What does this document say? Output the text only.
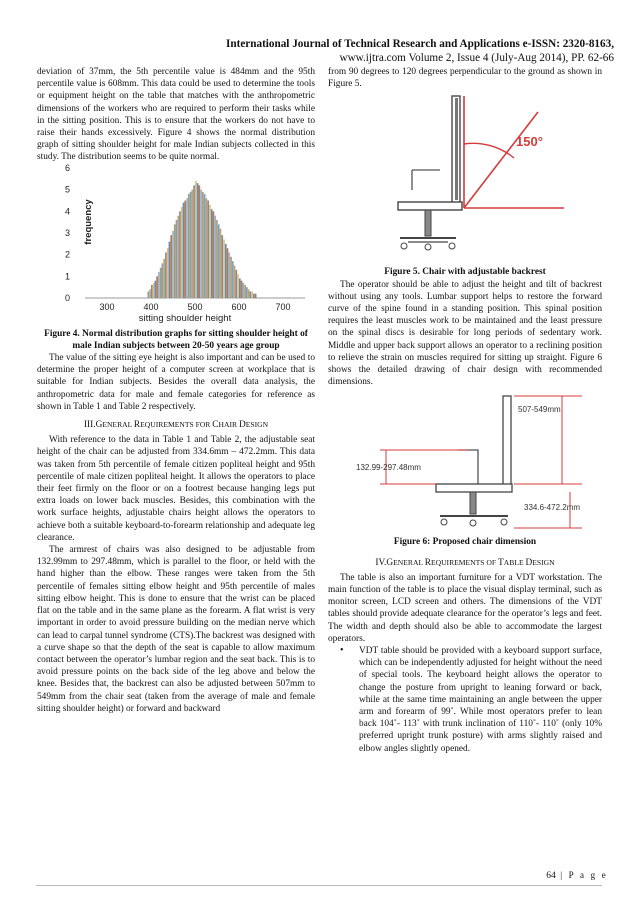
International Journal of Technical Research and Applications e-ISSN: 2320-8163,
www.ijtra.com Volume 2, Issue 4 (July-Aug 2014), PP. 62-66

deviation of 37mm, the 5th percentile value is 484mm and the 95th percentile value is 608mm. This data could be used to determine the tools or equipment height on the table that matches with the anthropometric dimensions of the workers who are required to perform their tasks while in the sitting position. This is to ensure that the workers do not have to raise their hands excessively. Figure 4 shows the normal distribution graph of sitting shoulder height for male Indian subjects collected in this study. The distribution seems to be quite normal.

0
1
2
3
4
5
6
300	400	500	600	700
sitting shoulder height
frequency
Figure 4. Normal distribution graphs for sitting shoulder height of male Indian subjects between 20-50 years age group

The value of the sitting eye height is also important and can be used to determine the proper height of a computer screen at workplace that is suitable for Indian subjects. Besides the overall data analysis, the anthropometric data for male and female categories for reference as shown in Table 1 and Table 2 respectively.

III.GENERAL REQUIREMENTS FOR CHAIR DESIGN

With reference to the data in Table 1 and Table 2, the adjustable seat height of the chair can be adjusted from 334.6mm – 472.2mm. This data was taken from 5th percentile of female citizen popliteal height and 95th percentile of male citizen popliteal height. It allows the operators to place their feet firmly on the floor or on a footrest because hanging legs put extra loads on lower back muscles. Besides, this combination with the work surface heights, adjustable chairs height allows the operators to achieve both a suitable keyboard-to-forearm relationship and adequate leg clearance.

The armrest of chairs was also designed to be adjustable from 132.99mm to 297.48mm, which is parallel to the floor, or held with the hand higher than the elbow. These ranges were taken from the 5th percentile of females sitting elbow height and 95th percentile of males sitting elbow height. This is done to ensure that the wrist can be placed flat on the table and in the same plane as the forearm. A flat wrist is very important in order to avoid pressure building on the median nerve which can lead to carpal tunnel syndrome (CTS).The backrest was designed with a curve shape so that the depth of the seat is capable to allow maximum contact between the operator’s lumbar region and the seat back. This is to avoid pressure points on the back side of the leg above and below the knee. Besides that, the backrest can also be adjusted between 507mm to 549mm from the chair seat (taken from the average of male and female sitting shoulder height) or forward and backward

from 90 degrees to 120 degrees perpendicular to the ground as shown in Figure 5.

150°
Figure 5. Chair with adjustable backrest

The operator should be able to adjust the height and tilt of backrest without using any tools. Lumbar support helps to restore the forward curve of the spine found in a standing position. This spinal position requires the least muscles work to be maintained and the least pressure on the spinal discs is desirable for long periods of sedentary work. Middle and upper back support allows an operator to a reclining position to relieve the strain on muscles required for sitting up straight. Figure 6 shows the detailed drawing of chair design with recommended dimensions.

132.99-297.48mm
507-549mm
334.6-472.2mm
Figure 6: Proposed chair dimension
IV.GENERAL REQUIREMENTS OF TABLE DESIGN

The table is also an important furniture for a VDT workstation. The main function of the table is to place the visual display terminal, such as monitor screen, LCD screen and others. The dimensions of the VDT tables should provide adequate clearance for the operator’s legs and feet. The width and depth should also be able to accommodate the largest operators.

• VDT table should be provided with a keyboard support surface, which can be independently adjusted for height without the need of special tools. The keyboard height allows the operator to change the posture from upright to leaning forward or back, while at the same time maintaining an angle between the upper arm and forearm of 99˚. While most operators prefer to lean back 104˚- 113˚ with trunk inclination of 110˚- 110˚ (only 10% preferred upright trunk posture) with arms slightly raised and elbow angles slightly opened.
64 | P a g e
